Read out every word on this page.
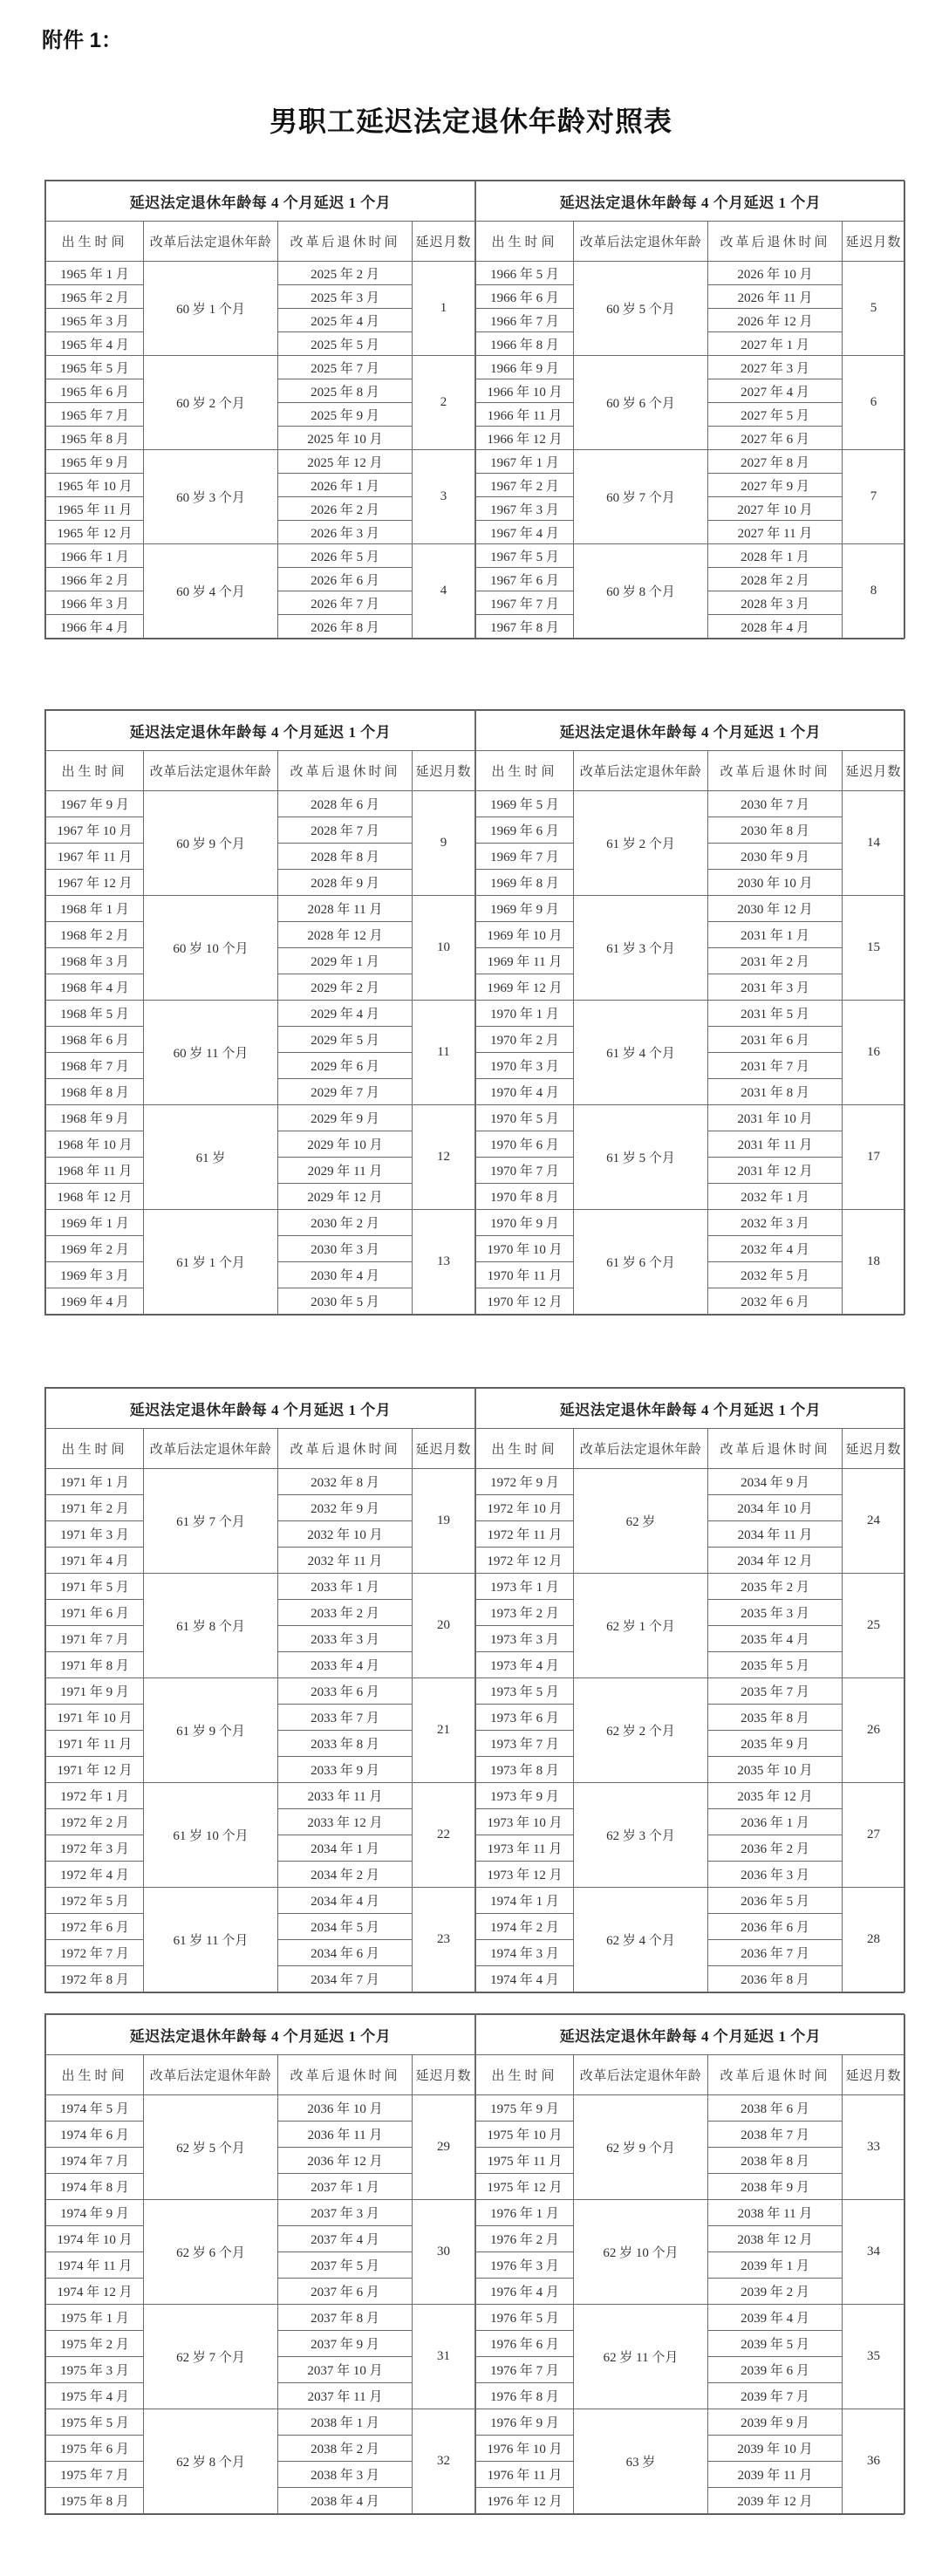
附件 1：
男职工延迟法定退休年龄对照表
延迟法定退休年龄每 4 个月延迟 1 个月			
出生时间	改革后法定退休年龄	改革后退休时间	延迟月数
1965 年 1 月	60 岁 1 个月	2025 年 2 月	1
1965 年 2 月		2025 年 3 月	
1965 年 3 月		2025 年 4 月	
1965 年 4 月		2025 年 5 月	
1965 年 5 月	60 岁 2 个月	2025 年 7 月	2
1965 年 6 月		2025 年 8 月	
1965 年 7 月		2025 年 9 月	
1965 年 8 月		2025 年 10 月	
1965 年 9 月	60 岁 3 个月	2025 年 12 月	3
1965 年 10 月		2026 年 1 月	
1965 年 11 月		2026 年 2 月	
1965 年 12 月		2026 年 3 月	
1966 年 1 月	60 岁 4 个月	2026 年 5 月	4
1966 年 2 月		2026 年 6 月	
1966 年 3 月		2026 年 7 月	
1966 年 4 月		2026 年 8 月	
延迟法定退休年龄每 4 个月延迟 1 个月			
出生时间	改革后法定退休年龄	改革后退休时间	延迟月数
1966 年 5 月	60 岁 5 个月	2026 年 10 月	5
1966 年 6 月		2026 年 11 月	
1966 年 7 月		2026 年 12 月	
1966 年 8 月		2027 年 1 月	
1966 年 9 月	60 岁 6 个月	2027 年 3 月	6
1966 年 10 月		2027 年 4 月	
1966 年 11 月		2027 年 5 月	
1966 年 12 月		2027 年 6 月	
1967 年 1 月	60 岁 7 个月	2027 年 8 月	7
1967 年 2 月		2027 年 9 月	
1967 年 3 月		2027 年 10 月	
1967 年 4 月		2027 年 11 月	
1967 年 5 月	60 岁 8 个月	2028 年 1 月	8
1967 年 6 月		2028 年 2 月	
1967 年 7 月		2028 年 3 月	
1967 年 8 月		2028 年 4 月	
延迟法定退休年龄每 4 个月延迟 1 个月			
出生时间	改革后法定退休年龄	改革后退休时间	延迟月数
1967 年 9 月	60 岁 9 个月	2028 年 6 月	9
1967 年 10 月		2028 年 7 月	
1967 年 11 月		2028 年 8 月	
1967 年 12 月		2028 年 9 月	
1968 年 1 月	60 岁 10 个月	2028 年 11 月	10
1968 年 2 月		2028 年 12 月	
1968 年 3 月		2029 年 1 月	
1968 年 4 月		2029 年 2 月	
1968 年 5 月	60 岁 11 个月	2029 年 4 月	11
1968 年 6 月		2029 年 5 月	
1968 年 7 月		2029 年 6 月	
1968 年 8 月		2029 年 7 月	
1968 年 9 月	61 岁	2029 年 9 月	12
1968 年 10 月		2029 年 10 月	
1968 年 11 月		2029 年 11 月	
1968 年 12 月		2029 年 12 月	
1969 年 1 月	61 岁 1 个月	2030 年 2 月	13
1969 年 2 月		2030 年 3 月	
1969 年 3 月		2030 年 4 月	
1969 年 4 月		2030 年 5 月	
延迟法定退休年龄每 4 个月延迟 1 个月			
出生时间	改革后法定退休年龄	改革后退休时间	延迟月数
1969 年 5 月	61 岁 2 个月	2030 年 7 月	14
1969 年 6 月		2030 年 8 月	
1969 年 7 月		2030 年 9 月	
1969 年 8 月		2030 年 10 月	
1969 年 9 月	61 岁 3 个月	2030 年 12 月	15
1969 年 10 月		2031 年 1 月	
1969 年 11 月		2031 年 2 月	
1969 年 12 月		2031 年 3 月	
1970 年 1 月	61 岁 4 个月	2031 年 5 月	16
1970 年 2 月		2031 年 6 月	
1970 年 3 月		2031 年 7 月	
1970 年 4 月		2031 年 8 月	
1970 年 5 月	61 岁 5 个月	2031 年 10 月	17
1970 年 6 月		2031 年 11 月	
1970 年 7 月		2031 年 12 月	
1970 年 8 月		2032 年 1 月	
1970 年 9 月	61 岁 6 个月	2032 年 3 月	18
1970 年 10 月		2032 年 4 月	
1970 年 11 月		2032 年 5 月	
1970 年 12 月		2032 年 6 月	
延迟法定退休年龄每 4 个月延迟 1 个月			
出生时间	改革后法定退休年龄	改革后退休时间	延迟月数
1971 年 1 月	61 岁 7 个月	2032 年 8 月	19
1971 年 2 月		2032 年 9 月	
1971 年 3 月		2032 年 10 月	
1971 年 4 月		2032 年 11 月	
1971 年 5 月	61 岁 8 个月	2033 年 1 月	20
1971 年 6 月		2033 年 2 月	
1971 年 7 月		2033 年 3 月	
1971 年 8 月		2033 年 4 月	
1971 年 9 月	61 岁 9 个月	2033 年 6 月	21
1971 年 10 月		2033 年 7 月	
1971 年 11 月		2033 年 8 月	
1971 年 12 月		2033 年 9 月	
1972 年 1 月	61 岁 10 个月	2033 年 11 月	22
1972 年 2 月		2033 年 12 月	
1972 年 3 月		2034 年 1 月	
1972 年 4 月		2034 年 2 月	
1972 年 5 月	61 岁 11 个月	2034 年 4 月	23
1972 年 6 月		2034 年 5 月	
1972 年 7 月		2034 年 6 月	
1972 年 8 月		2034 年 7 月	
延迟法定退休年龄每 4 个月延迟 1 个月			
出生时间	改革后法定退休年龄	改革后退休时间	延迟月数
1972 年 9 月	62 岁	2034 年 9 月	24
1972 年 10 月		2034 年 10 月	
1972 年 11 月		2034 年 11 月	
1972 年 12 月		2034 年 12 月	
1973 年 1 月	62 岁 1 个月	2035 年 2 月	25
1973 年 2 月		2035 年 3 月	
1973 年 3 月		2035 年 4 月	
1973 年 4 月		2035 年 5 月	
1973 年 5 月	62 岁 2 个月	2035 年 7 月	26
1973 年 6 月		2035 年 8 月	
1973 年 7 月		2035 年 9 月	
1973 年 8 月		2035 年 10 月	
1973 年 9 月	62 岁 3 个月	2035 年 12 月	27
1973 年 10 月		2036 年 1 月	
1973 年 11 月		2036 年 2 月	
1973 年 12 月		2036 年 3 月	
1974 年 1 月	62 岁 4 个月	2036 年 5 月	28
1974 年 2 月		2036 年 6 月	
1974 年 3 月		2036 年 7 月	
1974 年 4 月		2036 年 8 月	
延迟法定退休年龄每 4 个月延迟 1 个月			
出生时间	改革后法定退休年龄	改革后退休时间	延迟月数
1974 年 5 月	62 岁 5 个月	2036 年 10 月	29
1974 年 6 月		2036 年 11 月	
1974 年 7 月		2036 年 12 月	
1974 年 8 月		2037 年 1 月	
1974 年 9 月	62 岁 6 个月	2037 年 3 月	30
1974 年 10 月		2037 年 4 月	
1974 年 11 月		2037 年 5 月	
1974 年 12 月		2037 年 6 月	
1975 年 1 月	62 岁 7 个月	2037 年 8 月	31
1975 年 2 月		2037 年 9 月	
1975 年 3 月		2037 年 10 月	
1975 年 4 月		2037 年 11 月	
1975 年 5 月	62 岁 8 个月	2038 年 1 月	32
1975 年 6 月		2038 年 2 月	
1975 年 7 月		2038 年 3 月	
1975 年 8 月		2038 年 4 月	
延迟法定退休年龄每 4 个月延迟 1 个月			
出生时间	改革后法定退休年龄	改革后退休时间	延迟月数
1975 年 9 月	62 岁 9 个月	2038 年 6 月	33
1975 年 10 月		2038 年 7 月	
1975 年 11 月		2038 年 8 月	
1975 年 12 月		2038 年 9 月	
1976 年 1 月	62 岁 10 个月	2038 年 11 月	34
1976 年 2 月		2038 年 12 月	
1976 年 3 月		2039 年 1 月	
1976 年 4 月		2039 年 2 月	
1976 年 5 月	62 岁 11 个月	2039 年 4 月	35
1976 年 6 月		2039 年 5 月	
1976 年 7 月		2039 年 6 月	
1976 年 8 月		2039 年 7 月	
1976 年 9 月	63 岁	2039 年 9 月	36
1976 年 10 月		2039 年 10 月	
1976 年 11 月		2039 年 11 月	
1976 年 12 月		2039 年 12 月	
